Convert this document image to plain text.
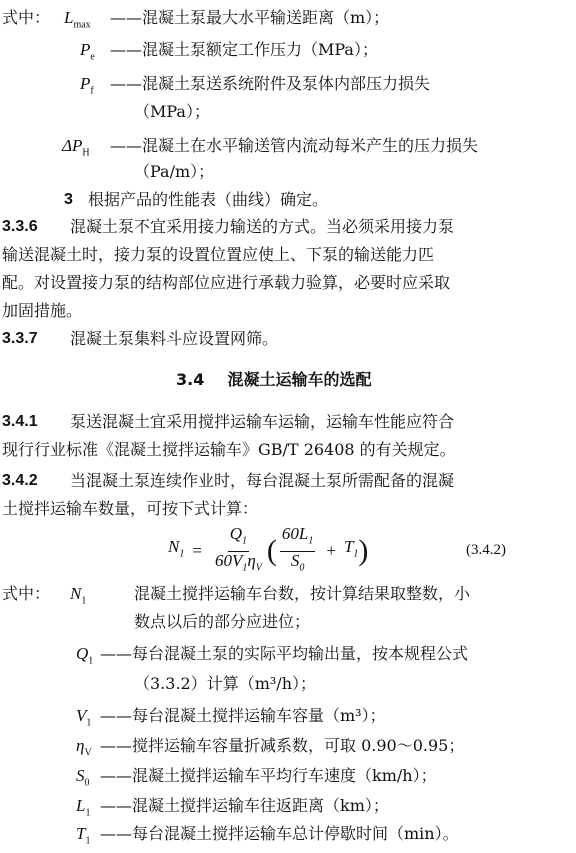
式中： $L_{max}$ ——混凝土泵最大水平输送距离（m）；
$P_e$ ——混凝土泵额定工作压力（MPa）；
$P_f$ ——混凝土泵送系统附件及泵体内部压力损失
（MPa）；
$\Delta P_H$ ——混凝土在水平输送管内流动每米产生的压力损失
（Pa/m）；
3 根据产品的性能表（曲线）确定。
3.3.6 混凝土泵不宜采用接力输送的方式。当必须采用接力泵
输送混凝土时，接力泵的设置位置应使上、下泵的输送能力匹
配。对设置接力泵的结构部位应进行承载力验算，必要时应采取
加固措施。
3.3.7 混凝土泵集料斗应设置网筛。
3.4 混凝土运输车的选配
3.4.1 泵送混凝土宜采用搅拌运输车运输，运输车性能应符合
现行行业标准《混凝土搅拌运输车》GB/T 26408 的有关规定。
3.4.2 当混凝土泵连续作业时，每台混凝土泵所需配备的混凝
土搅拌运输车数量，可按下式计算：
$N_1 = \frac{Q_1}{60V_1\eta_V}$ ( $\frac{60L_1}{S_0} + T_1$ )	(3.4.2)
式中： $N_1$	混凝土搅拌运输车台数，按计算结果取整数，小
数点以后的部分应进位；
$Q_1$ ——每台混凝土泵的实际平均输出量，按本规程公式
（3.3.2）计算（m³/h）；
$V_1$ ——每台混凝土搅拌运输车容量（m³）；
$\eta_V$ ——搅拌运输车容量折减系数，可取 0.90～0.95；
$S_0$ ——混凝土搅拌运输车平均行车速度（km/h）；
$L_1$ ——混凝土搅拌运输车往返距离（km）；
$T_1$ ——每台混凝土搅拌运输车总计停歇时间（min）。
